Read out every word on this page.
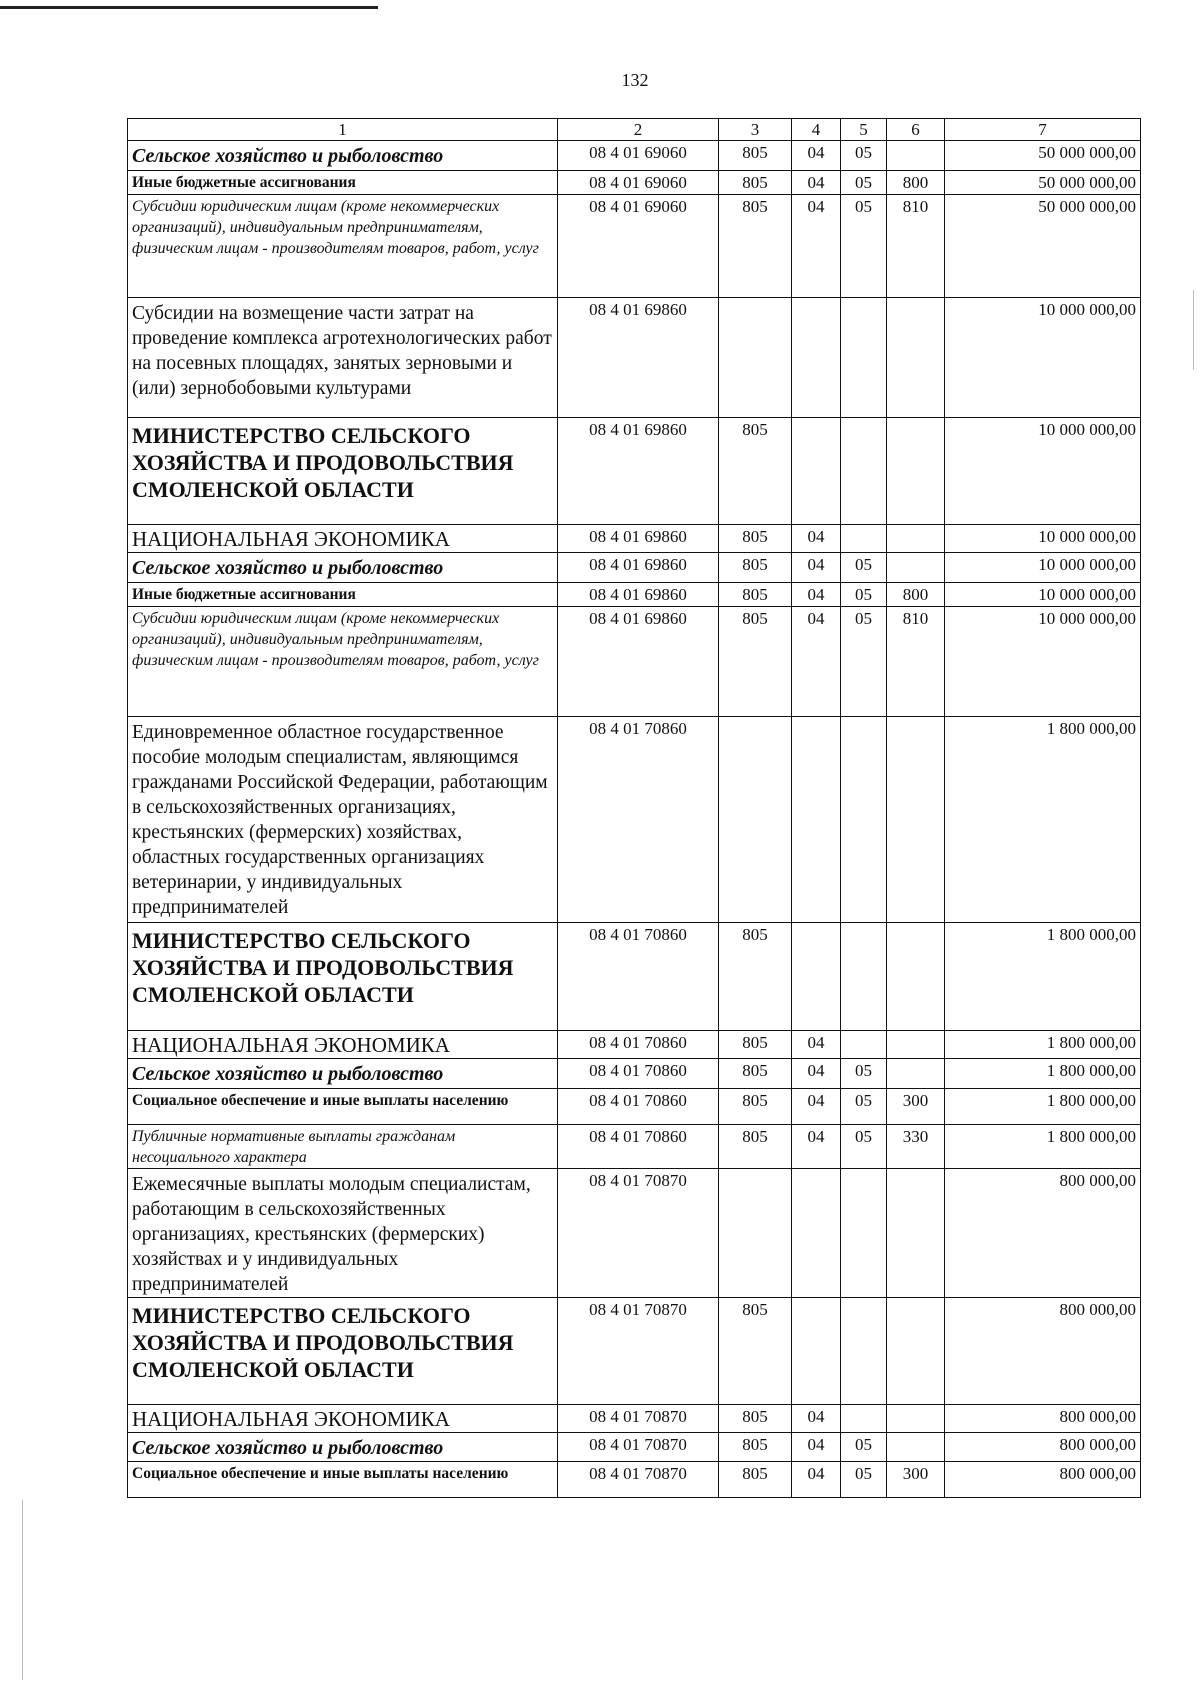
132
1	2	3	4	5	6	7
Сельское хозяйство и рыболовство	08 4 01 69060	805	04	05		50 000 000,00
Иные бюджетные ассигнования	08 4 01 69060	805	04	05	800	50 000 000,00
Субсидии юридическим лицам (кроме некоммерческих организаций), индивидуальным предпринимателям, физическим лицам - производителям товаров, работ, услуг	08 4 01 69060	805	04	05	810	50 000 000,00
Субсидии на возмещение части затрат на проведение комплекса агротехнологических работ на посевных площадях, занятых зерновыми и (или) зернобобовыми культурами	08 4 01 69860					10 000 000,00
МИНИСТЕРСТВО СЕЛЬСКОГО ХОЗЯЙСТВА И ПРОДОВОЛЬСТВИЯ СМОЛЕНСКОЙ ОБЛАСТИ	08 4 01 69860	805				10 000 000,00
НАЦИОНАЛЬНАЯ ЭКОНОМИКА	08 4 01 69860	805	04			10 000 000,00
Сельское хозяйство и рыболовство	08 4 01 69860	805	04	05		10 000 000,00
Иные бюджетные ассигнования	08 4 01 69860	805	04	05	800	10 000 000,00
Субсидии юридическим лицам (кроме некоммерческих организаций), индивидуальным предпринимателям, физическим лицам - производителям товаров, работ, услуг	08 4 01 69860	805	04	05	810	10 000 000,00
Единовременное областное государственное пособие молодым специалистам, являющимся гражданами Российской Федерации, работающим в сельскохозяйственных организациях, крестьянских (фермерских) хозяйствах, областных государственных организациях ветеринарии, у индивидуальных предпринимателей	08 4 01 70860					1 800 000,00
МИНИСТЕРСТВО СЕЛЬСКОГО ХОЗЯЙСТВА И ПРОДОВОЛЬСТВИЯ СМОЛЕНСКОЙ ОБЛАСТИ	08 4 01 70860	805				1 800 000,00
НАЦИОНАЛЬНАЯ ЭКОНОМИКА	08 4 01 70860	805	04			1 800 000,00
Сельское хозяйство и рыболовство	08 4 01 70860	805	04	05		1 800 000,00
Социальное обеспечение и иные выплаты населению	08 4 01 70860	805	04	05	300	1 800 000,00
Публичные нормативные выплаты гражданам несоциального характера	08 4 01 70860	805	04	05	330	1 800 000,00
Ежемесячные выплаты молодым специалистам, работающим в сельскохозяйственных организациях, крестьянских (фермерских) хозяйствах и у индивидуальных предпринимателей	08 4 01 70870					800 000,00
МИНИСТЕРСТВО СЕЛЬСКОГО ХОЗЯЙСТВА И ПРОДОВОЛЬСТВИЯ СМОЛЕНСКОЙ ОБЛАСТИ	08 4 01 70870	805				800 000,00
НАЦИОНАЛЬНАЯ ЭКОНОМИКА	08 4 01 70870	805	04			800 000,00
Сельское хозяйство и рыболовство	08 4 01 70870	805	04	05		800 000,00
Социальное обеспечение и иные выплаты населению	08 4 01 70870	805	04	05	300	800 000,00
